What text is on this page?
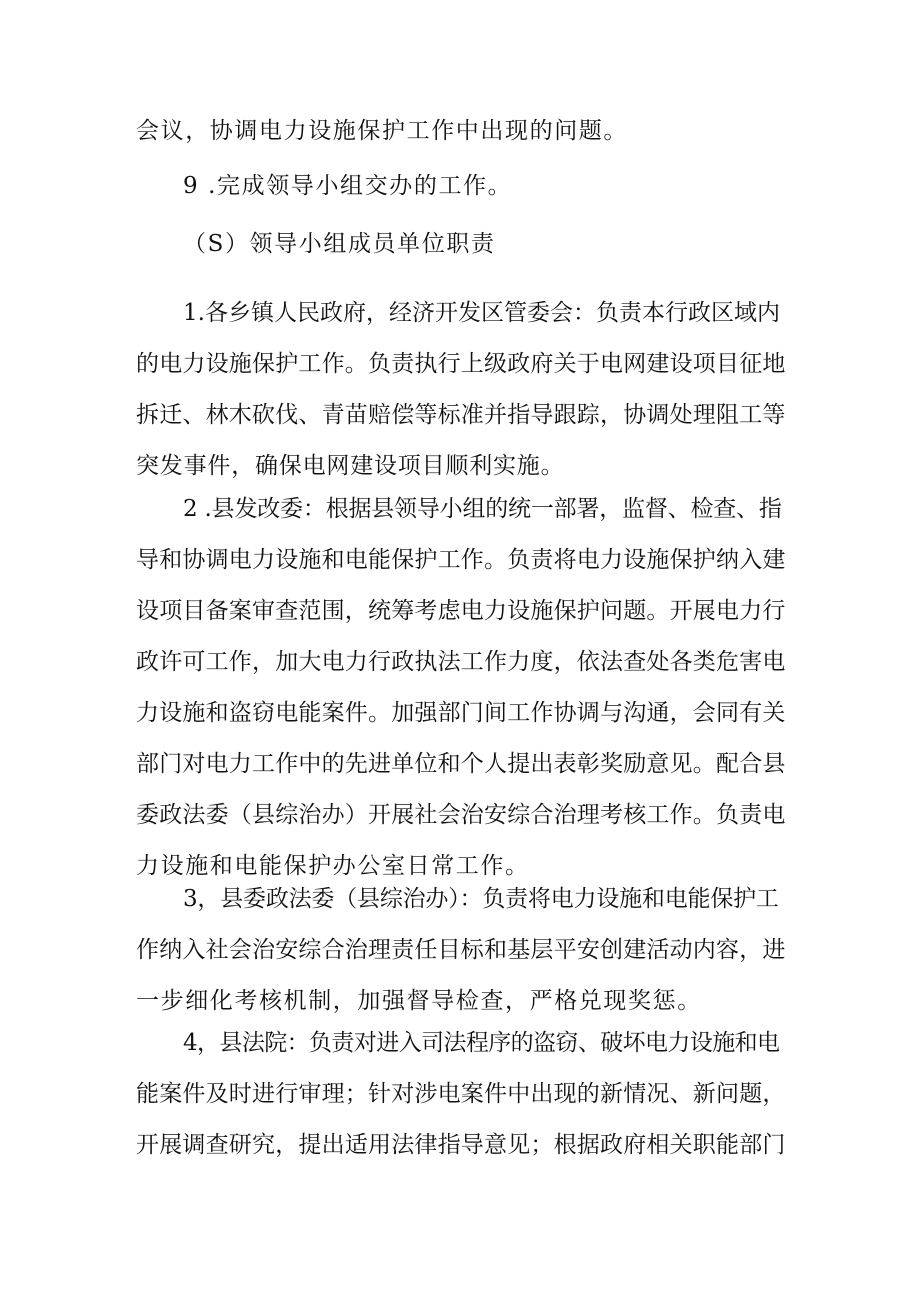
会议，协调电力设施保护工作中出现的问题。
9 .完成领导小组交办的工作。
（S）领导小组成员单位职责
1.各乡镇人民政府，经济开发区管委会：负责本行政区域内
的电力设施保护工作。负责执行上级政府关于电网建设项目征地
拆迁、林木砍伐、青苗赔偿等标准并指导跟踪，协调处理阻工等
突发事件，确保电网建设项目顺利实施。
2 .县发改委：根据县领导小组的统一部署，监督、检查、指
导和协调电力设施和电能保护工作。负责将电力设施保护纳入建
设项目备案审查范围，统筹考虑电力设施保护问题。开展电力行
政许可工作，加大电力行政执法工作力度，依法查处各类危害电
力设施和盗窃电能案件。加强部门间工作协调与沟通，会同有关
部门对电力工作中的先进单位和个人提出表彰奖励意见。配合县
委政法委（县综治办）开展社会治安综合治理考核工作。负责电
力设施和电能保护办公室日常工作。
3，县委政法委（县综治办）：负责将电力设施和电能保护工
作纳入社会治安综合治理责任目标和基层平安创建活动内容，进
一步细化考核机制，加强督导检查，严格兑现奖惩。
4，县法院：负责对进入司法程序的盗窃、破坏电力设施和电
能案件及时进行审理；针对涉电案件中出现的新情况、新问题，
开展调查研究，提出适用法律指导意见；根据政府相关职能部门
